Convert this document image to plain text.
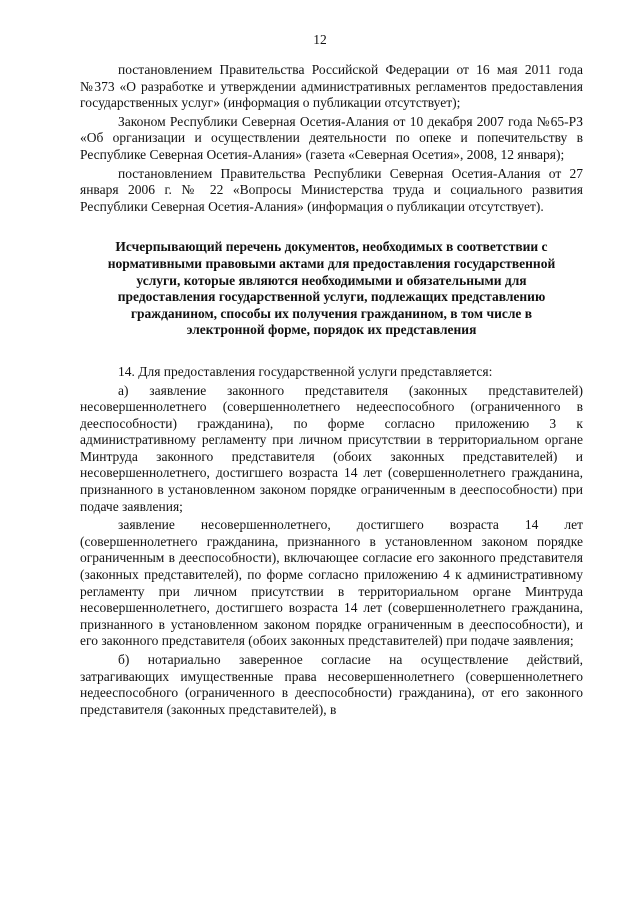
12

постановлением Правительства Российской Федерации от 16 мая 2011 года №373 «О разработке и утверждении административных регламентов предоставления государственных услуг» (информация о публикации отсутствует);

Законом Республики Северная Осетия-Алания от 10 декабря 2007 года №65-РЗ «Об организации и осуществлении деятельности по опеке и попечительству в Республике Северная Осетия-Алания» (газета «Северная Осетия», 2008, 12 января);

постановлением Правительства Республики Северная Осетия-Алания от 27 января 2006 г. № 22 «Вопросы Министерства труда и социального развития Республики Северная Осетия-Алания» (информация о публикации отсутствует).

Исчерпывающий перечень документов, необходимых в соответствии с нормативными правовыми актами для предоставления государственной услуги, которые являются необходимыми и обязательными для предоставления государственной услуги, подлежащих представлению гражданином, способы их получения гражданином, в том числе в электронной форме, порядок их представления

14. Для предоставления государственной услуги представляется:

а) заявление законного представителя (законных представителей) несовершеннолетнего (совершеннолетнего недееспособного (ограниченного в дееспособности) гражданина), по форме согласно приложению 3 к административному регламенту при личном присутствии в территориальном органе Минтруда законного представителя (обоих законных представителей) и несовершеннолетнего, достигшего возраста 14 лет (совершеннолетнего гражданина, признанного в установленном законом порядке ограниченным в дееспособности) при подаче заявления;

заявление несовершеннолетнего, достигшего возраста 14 лет (совершеннолетнего гражданина, признанного в установленном законом порядке ограниченным в дееспособности), включающее согласие его законного представителя (законных представителей), по форме согласно приложению 4 к административному регламенту при личном присутствии в территориальном органе Минтруда несовершеннолетнего, достигшего возраста 14 лет (совершеннолетнего гражданина, признанного в установленном законом порядке ограниченным в дееспособности), и его законного представителя (обоих законных представителей) при подаче заявления;

б) нотариально заверенное согласие на осуществление действий, затрагивающих имущественные права несовершеннолетнего (совершеннолетнего недееспособного (ограниченного в дееспособности) гражданина), от его законного представителя (законных представителей), в
